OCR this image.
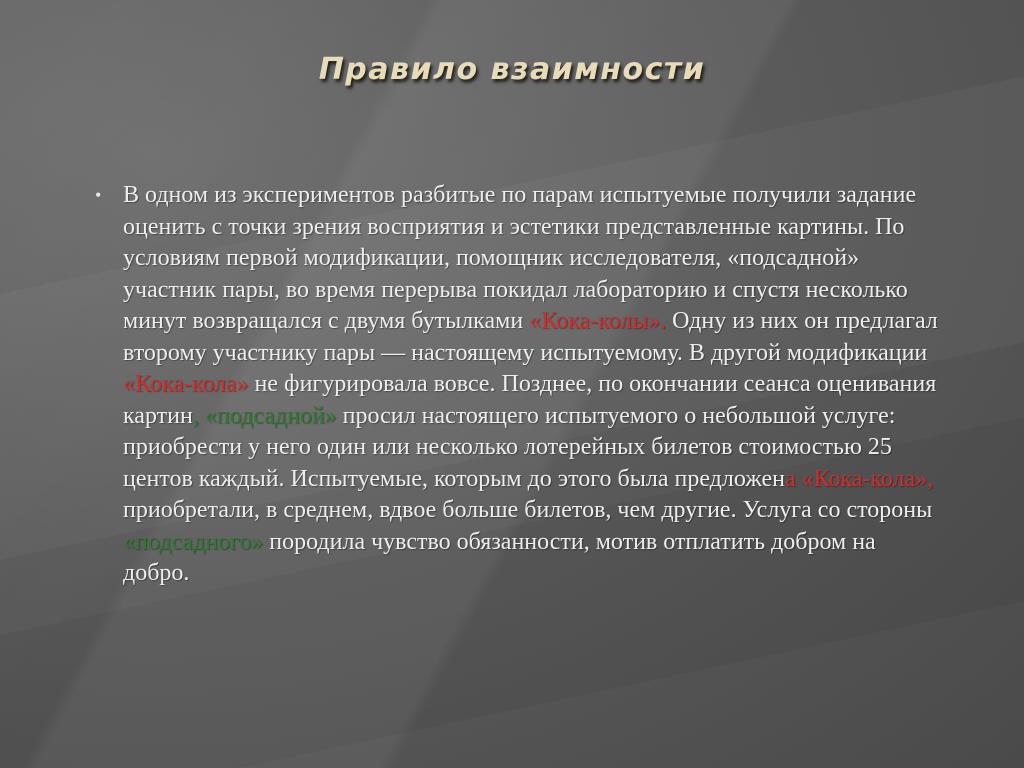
Правило взаимности
• В одном из экспериментов разбитые по парам испытуемые получили задание оценить с точки зрения восприятия и эстетики представленные картины. По условиям первой модификации, помощник исследователя, «подсадной» участник пары, во время перерыва покидал лабораторию и спустя несколько минут возвращался с двумя бутылками «Кока-колы». Одну из них он предлагал второму участнику пары — настоящему испытуемому. В другой модификации «Кока-кола» не фигурировала вовсе. Позднее, по окончании сеанса оценивания картин, «подсадной» просил настоящего испытуемого о небольшой услуге: приобрести у него один или несколько лотерейных билетов стоимостью 25 центов каждый. Испытуемые, которым до этого была предложена «Кока-кола», приобретали, в среднем, вдвое больше билетов, чем другие. Услуга со стороны «подсадного» породила чувство обязанности, мотив отплатить добром на добро.
